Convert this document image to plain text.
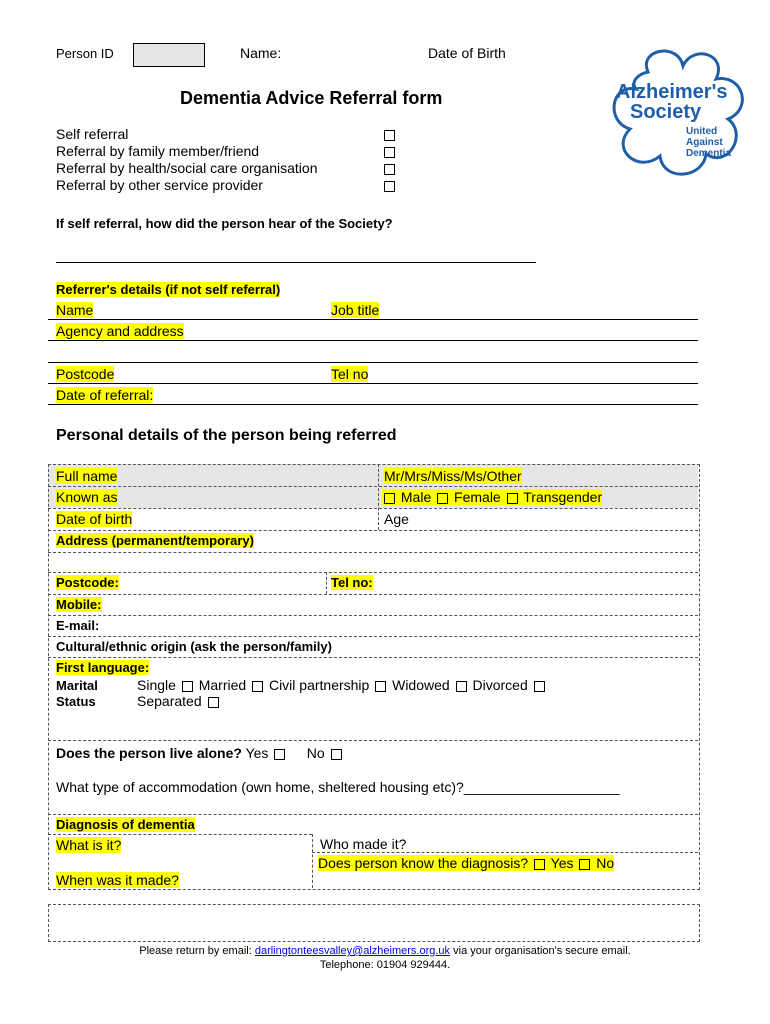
Person ID	Name:	Date of Birth
Alzheimer's
Society
United
Against
Dementia
Dementia Advice Referral form
Self referral
Referral by family member/friend
Referral by health/social care organisation
Referral by other service provider
If self referral, how did the person hear of the Society?
Referrer's details (if not self referral)
Name	Job title
Agency and address
Postcode	Tel no
Date of referral:
Personal details of the person being referred
Full name	Mr/Mrs/Miss/Ms/Other
Known as	Male Female Transgender
Date of birth	Age
Address (permanent/temporary)
Postcode:	Tel no:
Mobile:
E-mail:
Cultural/ethnic origin (ask the person/family)
First language:
Marital
Status
Single Married Civil partnership Widowed Divorced
Separated
Does the person live alone? Yes	No
What type of accommodation (own home, sheltered housing etc)?____________________
Diagnosis of dementia
What is it?	Who made it?
Does person know the diagnosis? Yes No
When was it made?
Please return by email: darlingtonteesvalley@alzheimers.org.uk via your organisation's secure email.
Telephone: 01904 929444.
